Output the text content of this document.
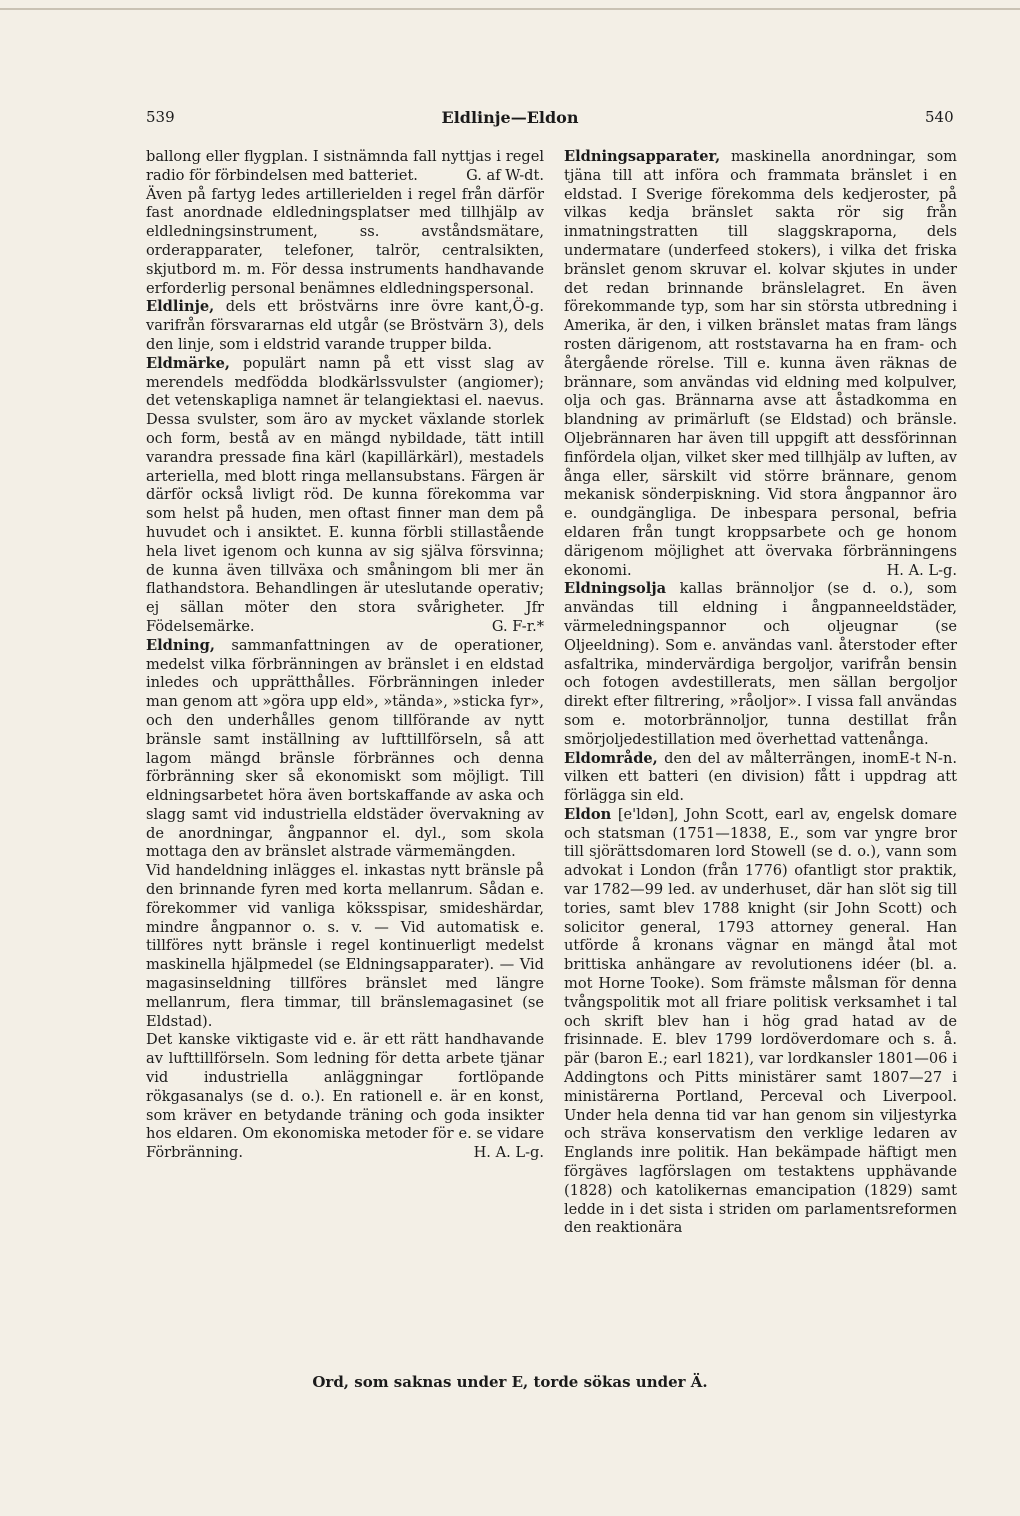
539	Eldlinje—Eldon	540

ballong eller flygplan. I sistnämnda fall nyttjas i regel radio för förbindelsen med batteriet.	G. af W-dt.

Även på fartyg ledes artillerielden i regel från därför fast anordnade eldledningsplatser med tillhjälp av eldledningsinstrument, ss. avståndsmätare, orderapparater, telefoner, talrör, centralsikten, skjutbord m. m. För dessa instruments handhavande erforderlig personal benämnes eldledningspersonal.
Ö-g.

Eldlinje, dels ett bröstvärns inre övre kant, varifrån försvararnas eld utgår (se Bröstvärn 3), dels den linje, som i eldstrid varande trupper bilda.

Eldmärke, populärt namn på ett visst slag av merendels medfödda blodkärlssvulster (angiomer); det vetenskapliga namnet är telangiektasi el. naevus. Dessa svulster, som äro av mycket växlande storlek och form, bestå av en mängd nybildade, tätt intill varandra pressade fina kärl (kapillärkärl), mestadels arteriella, med blott ringa mellansubstans. Färgen är därför också livligt röd. De kunna förekomma var som helst på huden, men oftast finner man dem på huvudet och i ansiktet. E. kunna förbli stillastående hela livet igenom och kunna av sig själva försvinna; de kunna även tillväxa och småningom bli mer än flathandstora. Behandlingen är uteslutande operativ; ej sällan möter den stora svårigheter. Jfr Födelsemärke.	G. F-r.*

Eldning, sammanfattningen av de operationer, medelst vilka förbränningen av bränslet i en eldstad inledes och upprätthålles. Förbränningen inleder man genom att »göra upp eld», »tända», »sticka fyr», och den underhålles genom tillförande av nytt bränsle samt inställning av lufttillförseln, så att lagom mängd bränsle förbrännes och denna förbränning sker så ekonomiskt som möjligt. Till eldningsarbetet höra även bortskaffande av aska och slagg samt vid industriella eldstäder övervakning av de anordningar, ångpannor el. dyl., som skola mottaga den av bränslet alstrade värmemängden.

Vid handeldning inlägges el. inkastas nytt bränsle på den brinnande fyren med korta mellanrum. Sådan e. förekommer vid vanliga köksspisar, smideshärdar, mindre ångpannor o. s. v. — Vid automatisk e. tillföres nytt bränsle i regel kontinuerligt medelst maskinella hjälpmedel (se Eldningsapparater). — Vid magasinseldning tillföres bränslet med längre mellanrum, flera timmar, till bränslemagasinet (se Eldstad).

Det kanske viktigaste vid e. är ett rätt handhavande av lufttillförseln. Som ledning för detta arbete tjänar vid industriella anläggningar fortlöpande rökgasanalys (se d. o.). En rationell e. är en konst, som kräver en betydande träning och goda insikter hos eldaren. Om ekonomiska metoder för e. se vidare Förbränning.	H. A. L-g.

Eldningsapparater, maskinella anordningar, som tjäna till att införa och frammata bränslet i en eldstad. I Sverige förekomma dels kedjeroster, på vilkas kedja bränslet sakta rör sig från inmatningstratten till slaggskraporna, dels undermatare (underfeed stokers), i vilka det friska bränslet genom skruvar el. kolvar skjutes in under det redan brinnande bränslelagret. En även förekommande typ, som har sin största utbredning i Amerika, är den, i vilken bränslet matas fram längs rosten därigenom, att roststavarna ha en fram- och återgående rörelse. Till e. kunna även räknas de brännare, som användas vid eldning med kolpulver, olja och gas. Brännarna avse att åstadkomma en blandning av primärluft (se Eldstad) och bränsle. Oljebrännaren har även till uppgift att dessförinnan finfördela oljan, vilket sker med tillhjälp av luften, av ånga eller, särskilt vid större brännare, genom mekanisk sönderpiskning. Vid stora ångpannor äro e. oundgängliga. De inbespara personal, befria eldaren från tungt kroppsarbete och ge honom därigenom möjlighet att övervaka förbränningens ekonomi.	H. A. L-g.

Eldningsolja kallas brännoljor (se d. o.), som användas till eldning i ångpanneeldstäder, värmeledningspannor och oljeugnar (se Oljeeldning). Som e. användas vanl. återstoder efter asfaltrika, mindervärdiga bergoljor, varifrån bensin och fotogen avdestillerats, men sällan bergoljor direkt efter filtrering, »råoljor». I vissa fall användas som e. motorbrännoljor, tunna destillat från smörjoljedestillation med överhettad vattenånga.
E-t N-n.

Eldområde, den del av målterrängen, inom vilken ett batteri (en division) fått i uppdrag att förlägga sin eld.

Eldon [e'ldən], John Scott, earl av, engelsk domare och statsman (1751—1838, E., som var yngre bror till sjörättsdomaren lord Stowell (se d. o.), vann som advokat i London (från 1776) ofantligt stor praktik, var 1782—99 led. av underhuset, där han slöt sig till tories, samt blev 1788 knight (sir John Scott) och solicitor general, 1793 attorney general. Han utförde å kronans vägnar en mängd åtal mot brittiska anhängare av revolutionens idéer (bl. a. mot Horne Tooke). Som främste målsman för denna tvångspolitik mot all friare politisk verksamhet i tal och skrift blev han i hög grad hatad av de frisinnade. E. blev 1799 lordöverdomare och s. å. pär (baron E.; earl 1821), var lordkansler 1801—06 i Addingtons och Pitts ministärer samt 1807—27 i ministärerna Portland, Perceval och Liverpool. Under hela denna tid var han genom sin viljestyrka och sträva konservatism den verklige ledaren av Englands inre politik. Han bekämpade häftigt men förgäves lagförslagen om testaktens upphävande (1828) och katolikernas emancipation (1829) samt ledde in i det sista i striden om parlamentsreformen den reaktionära

Ord, som saknas under E, torde sökas under Ä.
